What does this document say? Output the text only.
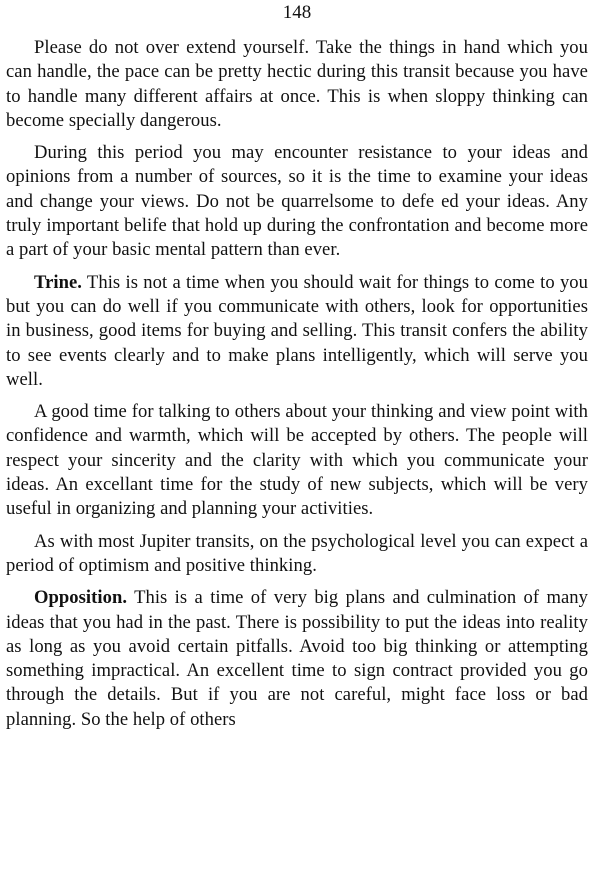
148

Please do not over extend yourself. Take the things in hand which you can handle, the pace can be pretty hectic during this transit because you have to handle many different affairs at once. This is when sloppy thinking can become specially dangerous.

During this period you may encounter resistance to your ideas and opinions from a number of sources, so it is the time to examine your ideas and change your views. Do not be quarrelsome to defe ed your ideas. Any truly important belife that hold up during the confrontation and become more a part of your basic mental pattern than ever.

Trine. This is not a time when you should wait for things to come to you but you can do well if you communicate with others, look for opportunities in business, good items for buying and selling. This transit confers the ability to see events clearly and to make plans intelligently, which will serve you well.

A good time for talking to others about your thinking and view point with confidence and warmth, which will be accepted by others. The people will respect your sincerity and the clarity with which you communicate your ideas. An excellant time for the study of new subjects, which will be very useful in organizing and planning your activities.

As with most Jupiter transits, on the psychological level you can expect a period of optimism and positive thinking.

Opposition. This is a time of very big plans and culmination of many ideas that you had in the past. There is possibility to put the ideas into reality as long as you avoid certain pitfalls. Avoid too big thinking or attempting something impractical. An excellent time to sign contract provided you go through the details. But if you are not careful, might face loss or bad planning. So the help of others
